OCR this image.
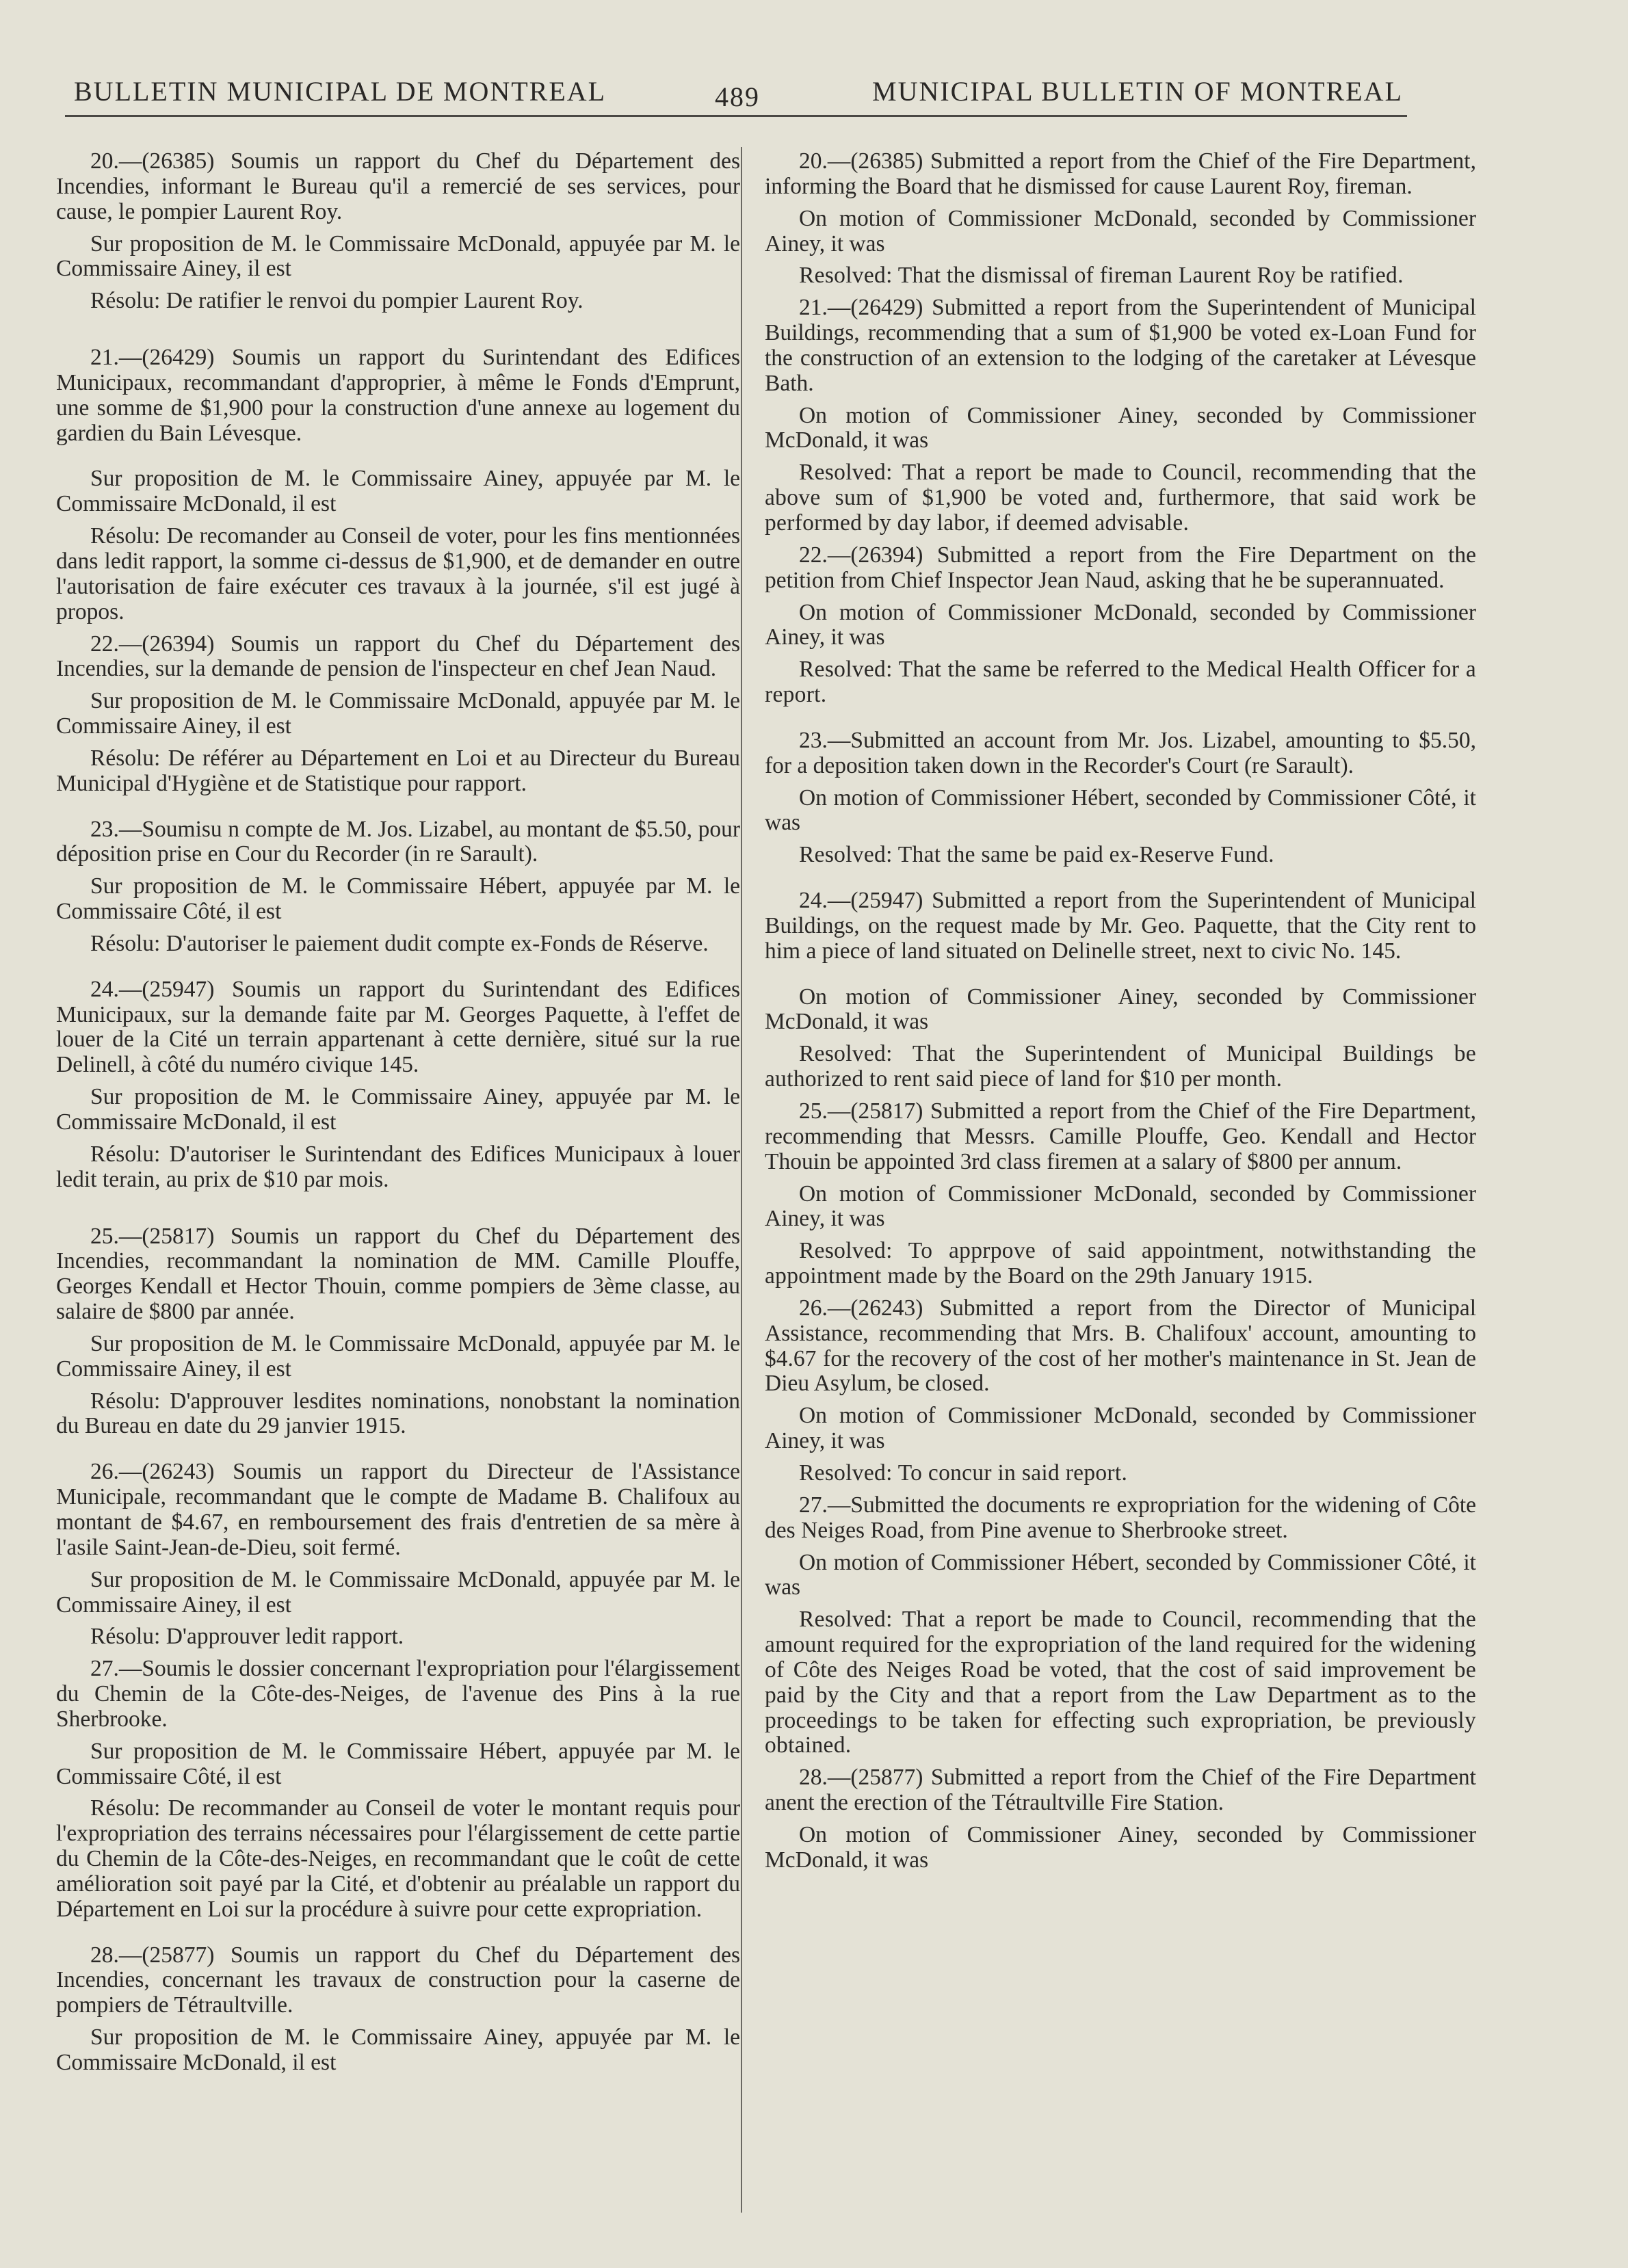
BULLETIN MUNICIPAL DE MONTREAL	489	MUNICIPAL BULLETIN OF MONTREAL

20.—(26385) Soumis un rapport du Chef du Département des Incendies, informant le Bureau qu'il a remercié de ses services, pour cause, le pompier Laurent Roy.

Sur proposition de M. le Commissaire McDonald, appuyée par M. le Commissaire Ainey, il est

Résolu: De ratifier le renvoi du pompier Laurent Roy.

21.—(26429) Soumis un rapport du Surintendant des Edifices Municipaux, recommandant d'approprier, à même le Fonds d'Emprunt, une somme de $1,900 pour la construction d'une annexe au logement du gardien du Bain Lévesque.

Sur proposition de M. le Commissaire Ainey, appuyée par M. le Commissaire McDonald, il est

Résolu: De recomander au Conseil de voter, pour les fins mentionnées dans ledit rapport, la somme ci-dessus de $1,900, et de demander en outre l'autorisation de faire exécuter ces travaux à la journée, s'il est jugé à propos.

22.—(26394) Soumis un rapport du Chef du Département des Incendies, sur la demande de pension de l'inspecteur en chef Jean Naud.

Sur proposition de M. le Commissaire McDonald, appuyée par M. le Commissaire Ainey, il est

Résolu: De référer au Département en Loi et au Directeur du Bureau Municipal d'Hygiène et de Statistique pour rapport.

23.—Soumisu n compte de M. Jos. Lizabel, au montant de $5.50, pour déposition prise en Cour du Recorder (in re Sarault).

Sur proposition de M. le Commissaire Hébert, appuyée par M. le Commissaire Côté, il est

Résolu: D'autoriser le paiement dudit compte ex-Fonds de Réserve.

24.—(25947) Soumis un rapport du Surintendant des Edifices Municipaux, sur la demande faite par M. Georges Paquette, à l'effet de louer de la Cité un terrain appartenant à cette dernière, situé sur la rue Delinell, à côté du numéro civique 145.

Sur proposition de M. le Commissaire Ainey, appuyée par M. le Commissaire McDonald, il est

Résolu: D'autoriser le Surintendant des Edifices Municipaux à louer ledit terain, au prix de $10 par mois.

25.—(25817) Soumis un rapport du Chef du Département des Incendies, recommandant la nomination de MM. Camille Plouffe, Georges Kendall et Hector Thouin, comme pompiers de 3ème classe, au salaire de $800 par année.

Sur proposition de M. le Commissaire McDonald, appuyée par M. le Commissaire Ainey, il est

Résolu: D'approuver lesdites nominations, nonobstant la nomination du Bureau en date du 29 janvier 1915.

26.—(26243) Soumis un rapport du Directeur de l'Assistance Municipale, recommandant que le compte de Madame B. Chalifoux au montant de $4.67, en remboursement des frais d'entretien de sa mère à l'asile Saint-Jean-de-Dieu, soit fermé.

Sur proposition de M. le Commissaire McDonald, appuyée par M. le Commissaire Ainey, il est

Résolu: D'approuver ledit rapport.

27.—Soumis le dossier concernant l'expropriation pour l'élargissement du Chemin de la Côte-des-Neiges, de l'avenue des Pins à la rue Sherbrooke.

Sur proposition de M. le Commissaire Hébert, appuyée par M. le Commissaire Côté, il est

Résolu: De recommander au Conseil de voter le montant requis pour l'expropriation des terrains nécessaires pour l'élargissement de cette partie du Chemin de la Côte-des-Neiges, en recommandant que le coût de cette amélioration soit payé par la Cité, et d'obtenir au préalable un rapport du Département en Loi sur la procédure à suivre pour cette expropriation.

28.—(25877) Soumis un rapport du Chef du Département des Incendies, concernant les travaux de construction pour la caserne de pompiers de Tétraultville.

Sur proposition de M. le Commissaire Ainey, appuyée par M. le Commissaire McDonald, il est

20.—(26385) Submitted a report from the Chief of the Fire Department, informing the Board that he dismissed for cause Laurent Roy, fireman.

On motion of Commissioner McDonald, seconded by Commissioner Ainey, it was

Resolved: That the dismissal of fireman Laurent Roy be ratified.

21.—(26429) Submitted a report from the Superintendent of Municipal Buildings, recommending that a sum of $1,900 be voted ex-Loan Fund for the construction of an extension to the lodging of the caretaker at Lévesque Bath.

On motion of Commissioner Ainey, seconded by Commissioner McDonald, it was

Resolved: That a report be made to Council, recommending that the above sum of $1,900 be voted and, furthermore, that said work be performed by day labor, if deemed advisable.

22.—(26394) Submitted a report from the Fire Department on the petition from Chief Inspector Jean Naud, asking that he be superannuated.

On motion of Commissioner McDonald, seconded by Commissioner Ainey, it was

Resolved: That the same be referred to the Medical Health Officer for a report.

23.—Submitted an account from Mr. Jos. Lizabel, amounting to $5.50, for a deposition taken down in the Recorder's Court (re Sarault).

On motion of Commissioner Hébert, seconded by Commissioner Côté, it was

Resolved: That the same be paid ex-Reserve Fund.

24.—(25947) Submitted a report from the Superintendent of Municipal Buildings, on the request made by Mr. Geo. Paquette, that the City rent to him a piece of land situated on Delinelle street, next to civic No. 145.

On motion of Commissioner Ainey, seconded by Commissioner McDonald, it was

Resolved: That the Superintendent of Municipal Buildings be authorized to rent said piece of land for $10 per month.

25.—(25817) Submitted a report from the Chief of the Fire Department, recommending that Messrs. Camille Plouffe, Geo. Kendall and Hector Thouin be appointed 3rd class firemen at a salary of $800 per annum.

On motion of Commissioner McDonald, seconded by Commissioner Ainey, it was

Resolved: To apprpove of said appointment, notwithstanding the appointment made by the Board on the 29th January 1915.

26.—(26243) Submitted a report from the Director of Municipal Assistance, recommending that Mrs. B. Chalifoux' account, amounting to $4.67 for the recovery of the cost of her mother's maintenance in St. Jean de Dieu Asylum, be closed.

On motion of Commissioner McDonald, seconded by Commissioner Ainey, it was

Resolved: To concur in said report.

27.—Submitted the documents re expropriation for the widening of Côte des Neiges Road, from Pine avenue to Sherbrooke street.

On motion of Commissioner Hébert, seconded by Commissioner Côté, it was

Resolved: That a report be made to Council, recommending that the amount required for the expropriation of the land required for the widening of Côte des Neiges Road be voted, that the cost of said improvement be paid by the City and that a report from the Law Department as to the proceedings to be taken for effecting such expropriation, be previously obtained.

28.—(25877) Submitted a report from the Chief of the Fire Department anent the erection of the Tétraultville Fire Station.

On motion of Commissioner Ainey, seconded by Commissioner McDonald, it was
